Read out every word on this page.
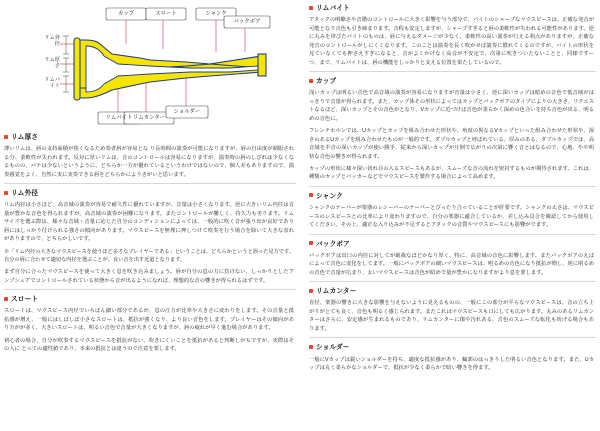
カップ	スロート	シャンク
バックボア
リムバイト リムカンター
ショルダー
リム外径
リム厚さ
リムバイト
リム厚さ

薄いリムは、唇の支持面積が狭くなるため奏者唇が容易とな り長時間の演奏が可能になりますが、唇の自由度が制限される分、柔軟性が失われます。反対に厚いリムは、音のコントロールは容易になりますが、演奏時の唇のしびれは少なくなるものの、バテは少ないというように、どちらか一方が優れているというわけではないので、個人差もありますので、演奏感覚をよく、自然に実に実奏できる唇をどちらかによりさがいと思います。

リム外径

リム内径は小さほど、高音域の演奏が容易で耐久性に優れていますが、音量は小さくなります。逆に大きいリム内径は音量が豊かな音色を得られますが、高音域の演奏が困難になります。またコントロールが難しく、持久力も劣ります。リムサイズを選ぶ際は、様々な音域・音量に応じた自分のコンディションによっては、一般的に吹く音が張り出が良好であり唇にはしっかり付けられる強さの傾向があります。マウスピースを無理に押しつけて吹奏を行う場合を除いて大きな表れがありますので、どちらかしいです。

※「リム内径の大きなマウスピースを使うほど多才なプレイヤーである」ということは、どちらかというと誤った見方です。自分の唇に合わせて適切な内径を選ぶことが、良い音を出す近道となります。

まず自分に合ったマウスピースを使って大きく息を吹き込みましょう。唇が自分の息の力に負けない、しっかりとしたアンブシュアでコントロールされている状態から音が出るようになれば、理想的な音の響きが得られるはずです。

スロート

スロートは、マウスピース内径でいちばん細い部分であるが、息の圧力が比率や大きさに変わりをします。その音量と抵抗感が増え、一般にはしばしば小さなスロートは、抵抗が強くなり、より良い音色をします。プレイヤーはその傾向があり方がが多く、大きいスロートは、明るい音色で音量が大きくなりますが、唇の疲れが早く進む場合があります。

初心者の場合、自分が吹奏するマウスピースを抵抗がない、吹きにくいことを抵抗があると判断しがちですが、実際はその人に とっての適性値であり、本来の抵抗とは違うので注意を要します。

リムバイト

アタックの明瞭さや音階のコントロールに大きく影響を与う部分で、バイトのシャープなマウスピースは、正確な発音が可能となり音色も引き締まります。音程も安定しますが、シャープすぎると唇の柔軟性が失われる可能性があります。逆に丸みを帯びたバイトのものは、唇に与えるダメージが少なく、柔軟性の高い演奏が行える利点がありますが、正確な発音のコントロールがしにくくなります。このことは演奏を長く吹かせば演奏に慣れてくるのですが、バイトの形状を見ていなくても押さえすぎになると、音がよくかけなく高音が不安定で、次第に吹きついたないことと、同様ですーつ、まで、リムバイトは、唇の機能をしっかりと支える位置を果たしているので。

カップ

浅いカップは明るい音色で高音域の演奏が容易になりますが音量は小さく、逆に深いカップは暗めの音色で低音域がはっきりで音量が得られます。また、カップ体その形状によってはカップとバックボアのタイプによりの大きさ、リクエストなるほど、深いカップとその音色がとなり、Vカップに近づけば音色が柔らかく深めの色合いを持ち音色が出る、明るめの音色に。

フレンチホルンでは、Uカップとカップを組み合わせた形状や、角度の異なるVカップといった組み合わせた形状や、深さのあるUカップを組み合わせたものが一般的です。ダブルカップと呼ばれている、厚みのある、ダブルカップでは、高音域を半音の深いカップが使い勝手、従来から深いカップが圧倒で広がりの次第に響く音とはなるので、心地、やや明快な音色の響きが得られます。

カップの形状に様々深い切れ目の入るスピースもあるが、スムーズな音の流れを密封するものが期待されます。これは、種類のカップとバッカーなどでマウスピースを製作する場合によって高めます。

シャンク

シャンクのテーパーが楽器のレシーバーのテーパーとぴったり合っていることが肝要です。シャンクの太さは、マウスピースのレスピースとの比率により変わりますので、自分の楽器に適合しているか、差し込み具合を確認してから使用してください。その上、適正な入り込みが不足するとアタックの音質やマウスピースにも影響がでます。

バックボア

バックボアは出口の内径に対してが厳裁なほどかなり厚く、特に、高音域の音色に影響します。またバックボアのえばによって音色に変化をしてます。一般にバックボアの細いマウスピースは、明るめの音色になり抵抗が増し、逆に明るめの音色で音量が広まり、太いマウスピースは音色が暗めで量が豊かになりますがより息を要します。

リムカンター

直径、楽器の響きに大きな影響を与えないように見えるものの、一般にこの部分が平らなマウスピースは、音の立ち上がりがとても良く、音色も明るく感じられます。またこれはマウスピースも口にしても広がります。丸みのあるリムカンターはさらに、安定感が生まれるものであり、リムカンターに傷や汚れある、音色のスムーズな転化も妨げる場合もあります。

ショルダー

一般にVカップは鋭いショルダーを持ち、適度な抵抗感があり、輪郭のはっきりした明るい音色となります。また、Uカップは丸く柔らかなショルダーで、抵抗が少なく柔らかで暗い響きを得ます。
